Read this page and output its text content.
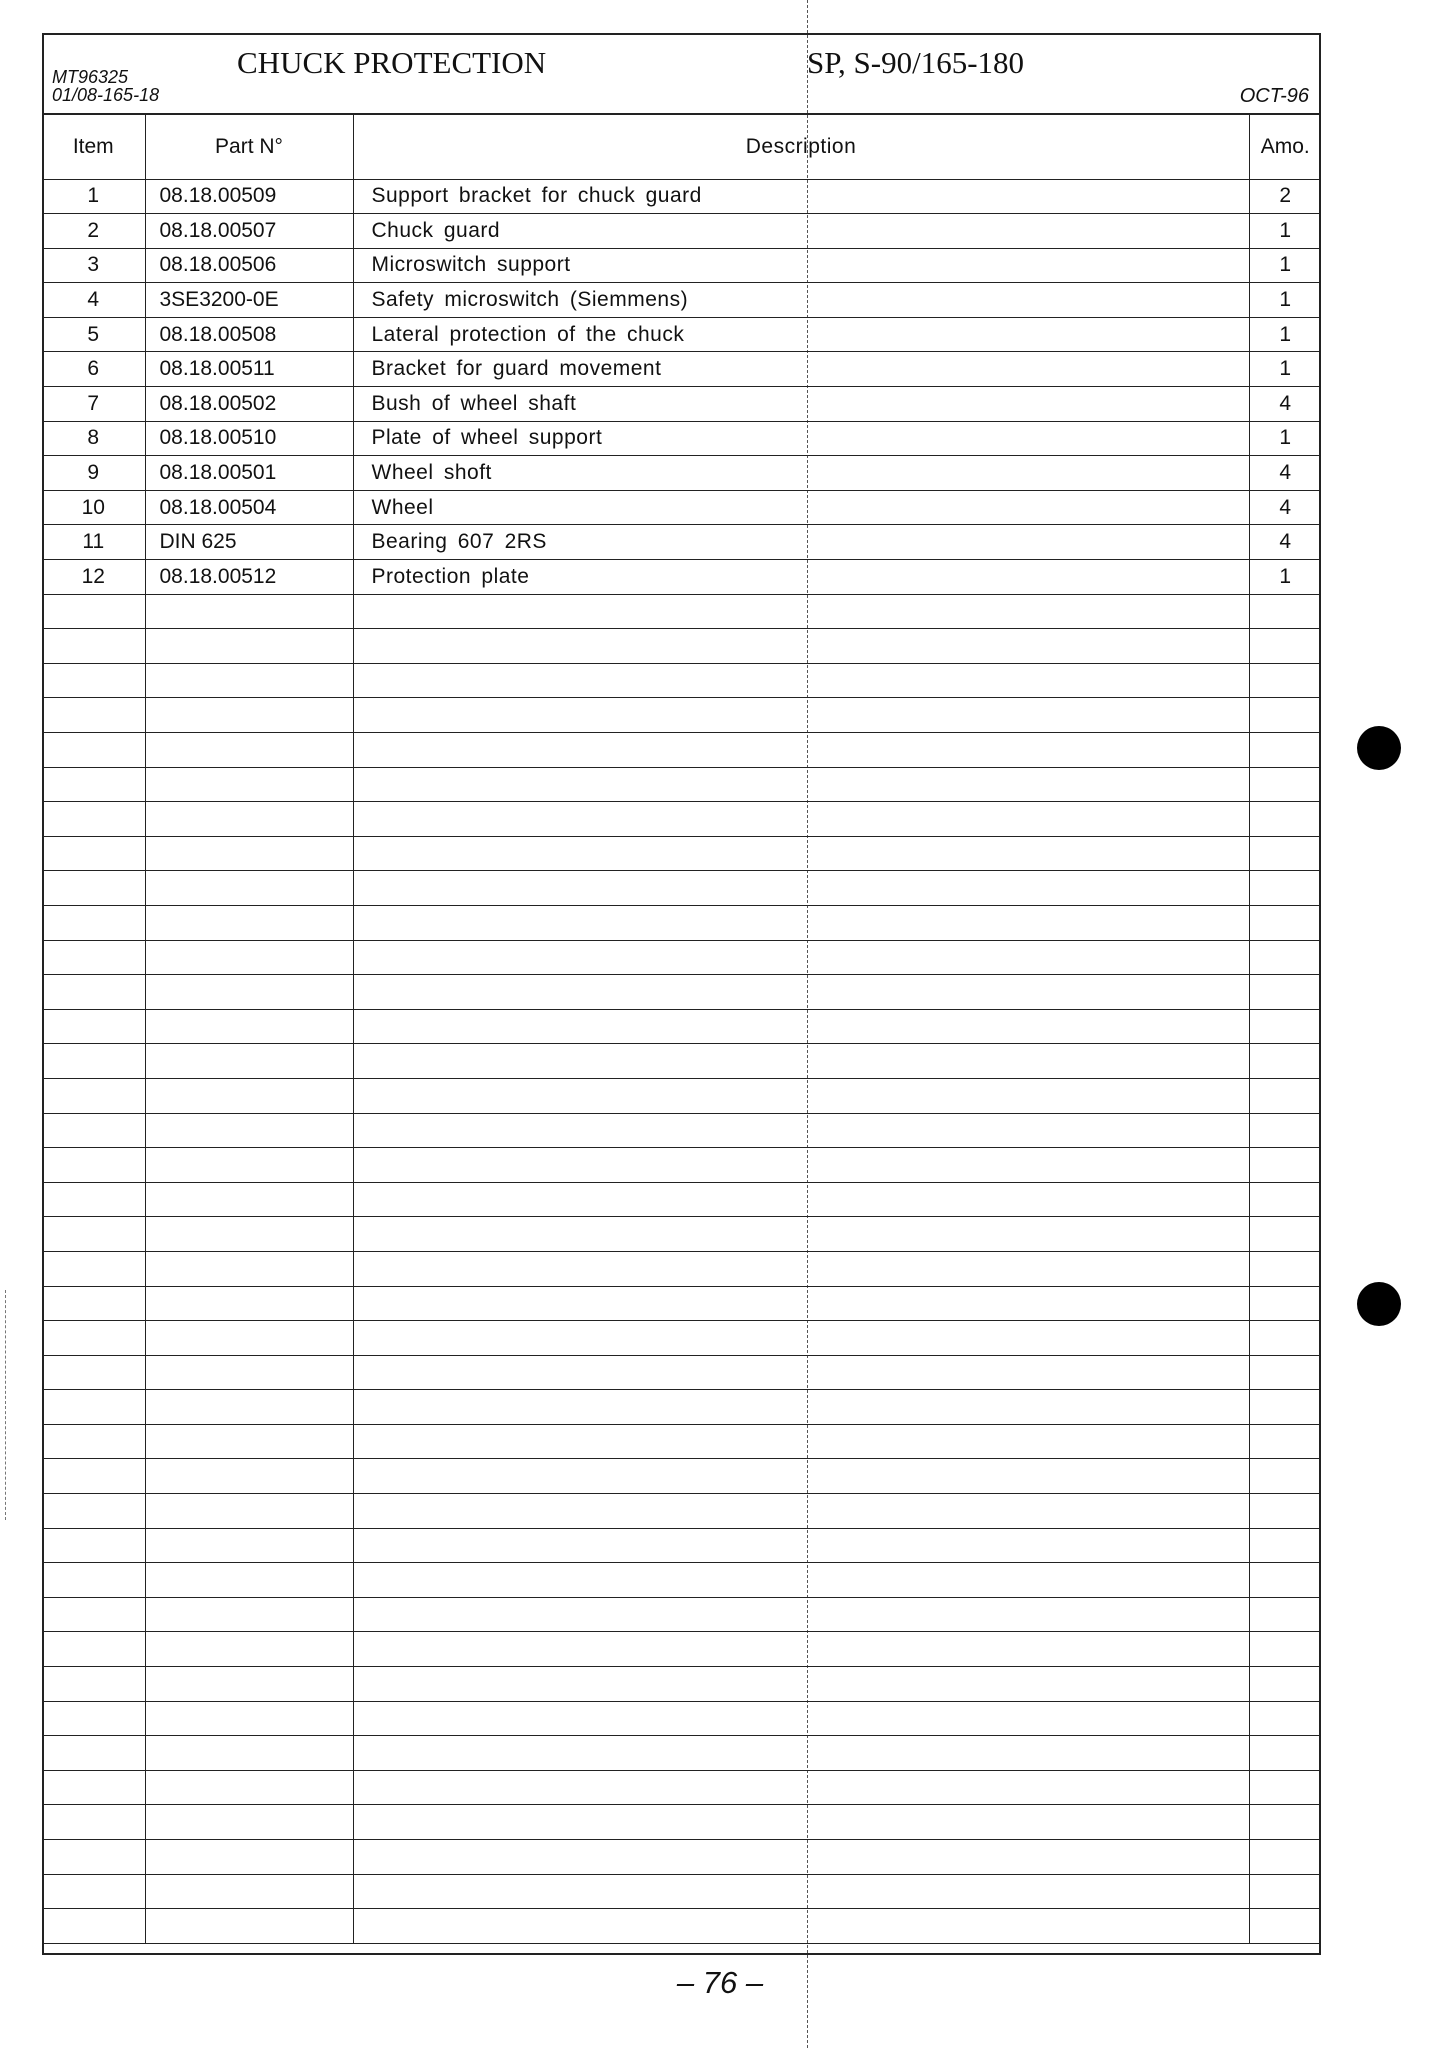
MT96325
01/08-165-18
CHUCK PROTECTION	SP, S-90/165-180
OCT-96
Item	Part N°	Description	Amo.
1	08.18.00509	Support bracket for chuck guard	2
2	08.18.00507	Chuck guard	1
3	08.18.00506	Microswitch support	1
4	3SE3200-0E	Safety microswitch (Siemmens)	1
5	08.18.00508	Lateral protection of the chuck	1
6	08.18.00511	Bracket for guard movement	1
7	08.18.00502	Bush of wheel shaft	4
8	08.18.00510	Plate of wheel support	1
9	08.18.00501	Wheel shoft	4
10	08.18.00504	Wheel	4
11	DIN 625	Bearing 607 2RS	4
12	08.18.00512	Protection plate	1

– 76 –
